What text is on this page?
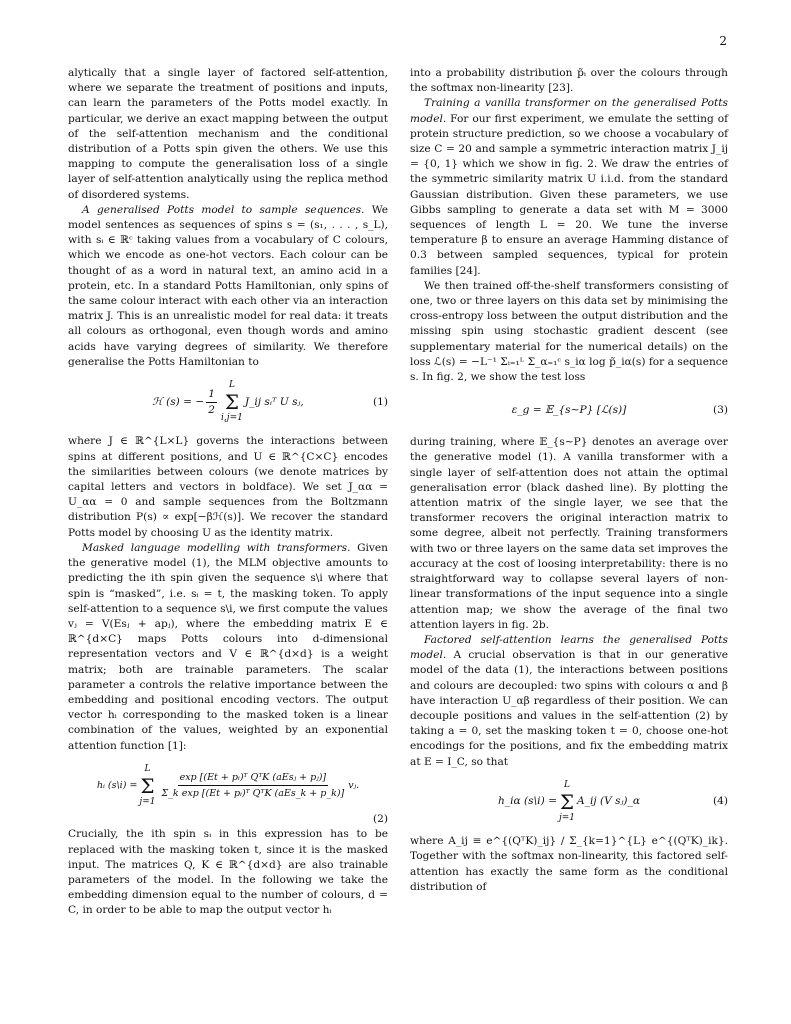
2

alytically that a single layer of factored self-attention, where we separate the treatment of positions and inputs, can learn the parameters of the Potts model exactly. In particular, we derive an exact mapping between the output of the self-attention mechanism and the conditional distribution of a Potts spin given the others. We use this mapping to compute the generalisation loss of a single layer of self-attention analytically using the replica method of disordered systems.

A generalised Potts model to sample sequences. We model sentences as sequences of spins s = (s₁, . . . , s_L), with sᵢ ∈ ℝᶜ taking values from a vocabulary of C colours, which we encode as one-hot vectors. Each colour can be thought of as a word in natural text, an amino acid in a protein, etc. In a standard Potts Hamiltonian, only spins of the same colour interact with each other via an interaction matrix J. This is an unrealistic model for real data: it treats all colours as orthogonal, even though words and amino acids have varying degrees of similarity. We therefore generalise the Potts Hamiltonian to

ℋ (s) = − $\frac{1}{2}$
L
Σ
i,j=1
J_ij sᵢᵀ U sⱼ,	(1)

where J ∈ ℝ^{L×L} governs the interactions between spins at different positions, and U ∈ ℝ^{C×C} encodes the similarities between colours (we denote matrices by capital letters and vectors in boldface). We set J_αα = U_αα = 0 and sample sequences from the Boltzmann distribution P(s) ∝ exp[−βℋ(s)]. We recover the standard Potts model by choosing U as the identity matrix.

Masked language modelling with transformers. Given the generative model (1), the MLM objective amounts to predicting the ith spin given the sequence s\i where that spin is “masked”, i.e. sᵢ = t, the masking token. To apply self-attention to a sequence s\i, we first compute the values vⱼ = V(Esⱼ + apⱼ), where the embedding matrix E ∈ ℝ^{d×C} maps Potts colours into d-dimensional representation vectors and V ∈ ℝ^{d×d} is a weight matrix; both are trainable parameters. The scalar parameter a controls the relative importance between the embedding and positional encoding vectors. The output vector hᵢ corresponding to the masked token is a linear combination of the values, weighted by an exponential attention function [1]:

hᵢ (s\i) =
L
Σ
j=1
$\frac{\text{exp [(Et + pᵢ)ᵀ QᵀK (aEsⱼ + pⱼ)]}}{\text{Σ\_k exp [(Et + pᵢ)ᵀ QᵀK (aEs\_k + p\_k)]}}$ vⱼ.
(2)

Crucially, the ith spin sᵢ in this expression has to be replaced with the masking token t, since it is the masked input. The matrices Q, K ∈ ℝ^{d×d} are also trainable parameters of the model. In the following we take the embedding dimension equal to the number of colours, d = C, in order to be able to map the output vector hᵢ

into a probability distribution p̃ᵢ over the colours through the softmax non-linearity [23].

Training a vanilla transformer on the generalised Potts model. For our first experiment, we emulate the setting of protein structure prediction, so we choose a vocabulary of size C = 20 and sample a symmetric interaction matrix J_ij = {0, 1} which we show in fig. 2. We draw the entries of the symmetric similarity matrix U i.i.d. from the standard Gaussian distribution. Given these parameters, we use Gibbs sampling to generate a data set with M = 3000 sequences of length L = 20. We tune the inverse temperature β to ensure an average Hamming distance of 0.3 between sampled sequences, typical for protein families [24].

We then trained off-the-shelf transformers consisting of one, two or three layers on this data set by minimising the cross-entropy loss between the output distribution and the missing spin using stochastic gradient descent (see supplementary material for the numerical details) on the loss ℒ(s) = −L⁻¹ Σᵢ₌₁ᴸ Σ_α₌₁ᶜ s_iα log p̃_iα(s) for a sequence s. In fig. 2, we show the test loss

ε_g = 𝔼_{s∼P} [ℒ(s)]	(3)

during training, where 𝔼_{s∼P} denotes an average over the generative model (1). A vanilla transformer with a single layer of self-attention does not attain the optimal generalisation error (black dashed line). By plotting the attention matrix of the single layer, we see that the transformer recovers the original interaction matrix to some degree, albeit not perfectly. Training transformers with two or three layers on the same data set improves the accuracy at the cost of loosing interpretability: there is no straightforward way to collapse several layers of non-linear transformations of the input sequence into a single attention map; we show the average of the final two attention layers in fig. 2b.

Factored self-attention learns the generalised Potts model. A crucial observation is that in our generative model of the data (1), the interactions between positions and colours are decoupled: two spins with colours α and β have interaction U_αβ regardless of their position. We can decouple positions and values in the self-attention (2) by taking a = 0, set the masking token t = 0, choose one-hot encodings for the positions, and fix the embedding matrix at E = I_C, so that

h_iα (s\i) =
L
Σ
j=1
A_ij (V sⱼ)_α	(4)

where A_ij ≡ e^{(QᵀK)_ij} / Σ_{k=1}^{L} e^{(QᵀK)_ik}. Together with the softmax non-linearity, this factored self-attention has exactly the same form as the conditional distribution of
